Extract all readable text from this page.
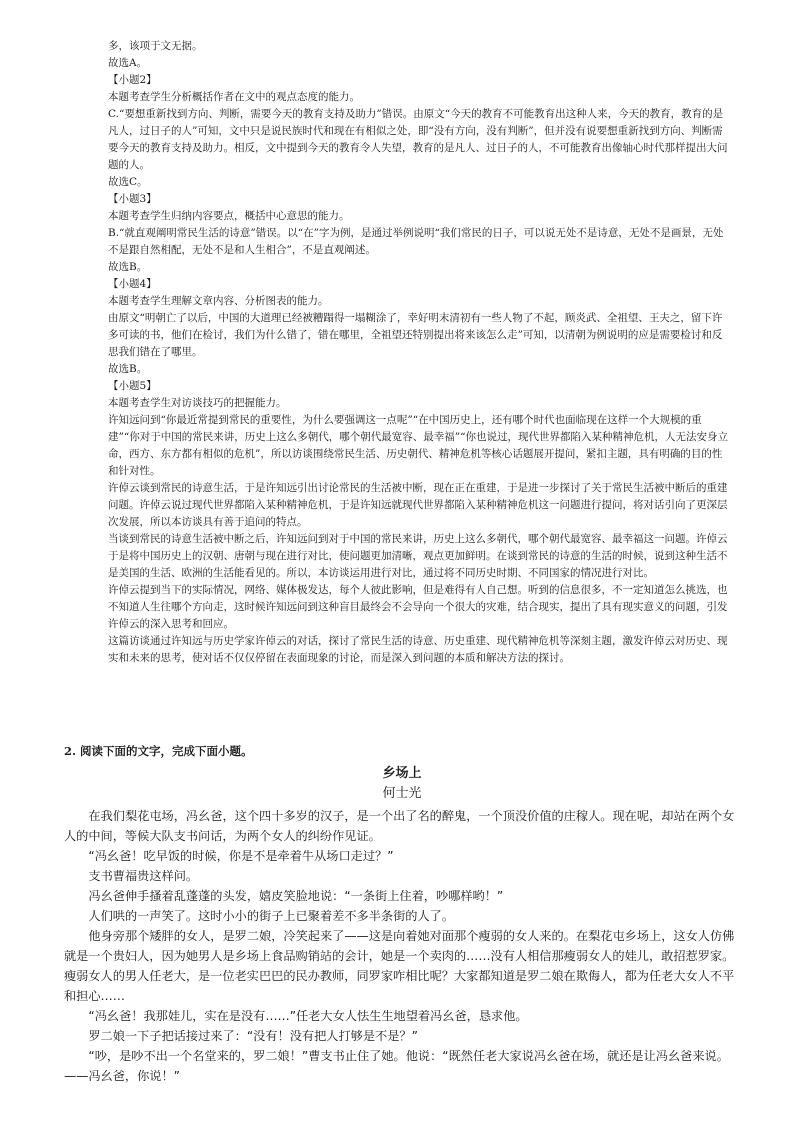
多，该项于文无据。

故选A。

【小题2】

本题考查学生分析概括作者在文中的观点态度的能力。

C.“要想重新找到方向、判断，需要今天的教育支持及助力”错误。由原文“今天的教育不可能教育出这种人来，今天的教育，教育的是凡人，过日子的人”可知，文中只是说民族时代和现在有相似之处，即“没有方向，没有判断”，但并没有说要想重新找到方向、判断需要今天的教育支持及助力。相反，文中提到今天的教育令人失望，教育的是凡人、过日子的人，不可能教育出像轴心时代那样提出大问题的人。

故选C。

【小题3】

本题考查学生归纳内容要点，概括中心意思的能力。

B.“就直观阐明常民生活的诗意”错误。以“在”字为例，是通过举例说明“我们常民的日子，可以说无处不是诗意，无处不是画景，无处不是跟自然相配，无处不是和人生相合”，不是直观阐述。

故选B。

【小题4】

本题考查学生理解文章内容、分析图表的能力。

由原文“明朝亡了以后，中国的大道理已经被糟蹋得一塌糊涂了，幸好明末清初有一些人物了不起，顾炎武、全祖望、王夫之，留下许多可读的书，他们在检讨，我们为什么错了，错在哪里，全祖望还特别提出将来该怎么走”可知，以清朝为例说明的应是需要检讨和反思我们错在了哪里。

故选B。

【小题5】

本题考查学生对访谈技巧的把握能力。

许知远问到“你最近常提到常民的重要性，为什么要强调这一点呢”“在中国历史上，还有哪个时代也面临现在这样一个大规模的重建”“你对于中国的常民来讲，历史上这么多朝代，哪个朝代最宽容、最幸福”“你也说过，现代世界都陷入某种精神危机，人无法安身立命，西方、东方都有相似的危机”，所以访谈围绕常民生活、历史朝代、精神危机等核心话题展开提问，紧扣主题，具有明确的目的性和针对性。

许倬云谈到常民的诗意生活，于是许知远引出讨论常民的生活被中断，现在正在重建，于是进一步探讨了关于常民生活被中断后的重建问题。许倬云说过现代世界都陷入某种精神危机，于是许知远就现代世界都陷入某种精神危机这一问题进行提问，将对话引向了更深层次发展，所以本访谈具有善于追问的特点。

当谈到常民的诗意生活被中断之后，许知远问到对于中国的常民来讲，历史上这么多朝代，哪个朝代最宽容、最幸福这一问题。许倬云于是将中国历史上的汉朝、唐朝与现在进行对比，使问题更加清晰，观点更加鲜明。在谈到常民的诗意的生活的时候，说到这种生活不是美国的生活、欧洲的生活能看见的。所以，本访谈运用进行对比，通过将不同历史时期、不同国家的情况进行对比。

许倬云提到当下的实际情况，网络、媒体极发达，每个人彼此影响，但是难得有人自己想。听到的信息很多，不一定知道怎么挑选，也不知道人生往哪个方向走，这时候许知远问到这种盲目最终会不会导向一个很大的灾难，结合现实，提出了具有现实意义的问题，引发许倬云的深入思考和回应。

这篇访谈通过许知远与历史学家许倬云的对话，探讨了常民生活的诗意、历史重建、现代精神危机等深刻主题，激发许倬云对历史、现实和未来的思考，使对话不仅仅停留在表面现象的讨论，而是深入到问题的本质和解决方法的探讨。

2. 阅读下面的文字，完成下面小题。

乡场上

何士光

在我们梨花屯场，冯幺爸，这个四十多岁的汉子，是一个出了名的醉鬼，一个顶没价值的庄稼人。现在呢，却站在两个女人的中间，等候大队支书问话，为两个女人的纠纷作见证。

“冯幺爸！吃早饭的时候，你是不是牵着牛从场口走过？”

支书曹福贵这样问。

冯幺爸伸手搔着乱蓬蓬的头发，嬉皮笑脸地说：“一条街上住着，吵哪样哟！”

人们哄的一声笑了。这时小小的街子上已聚着差不多半条街的人了。

他身旁那个矮胖的女人，是罗二娘，冷笑起来了——这是向着她对面那个瘦弱的女人来的。在梨花屯乡场上，这女人仿佛就是一个贵妇人，因为她男人是乡场上食品购销站的会计，她是一个卖肉的……没有人相信那瘦弱女人的娃儿，敢招惹罗家。瘦弱女人的男人任老大，是一位老实巴巴的民办教师，同罗家咋相比呢？大家都知道是罗二娘在欺侮人，都为任老大女人不平和担心……

“冯幺爸！我那娃儿，实在是没有……”任老大女人怯生生地望着冯幺爸，恳求他。

罗二娘一下子把话接过来了：“没有！没有把人打够是不是？”

“吵，是吵不出一个名堂来的，罗二娘！”曹支书止住了她。他说：“既然任老大家说冯幺爸在场，就还是让冯幺爸来说。——冯幺爸，你说！”
